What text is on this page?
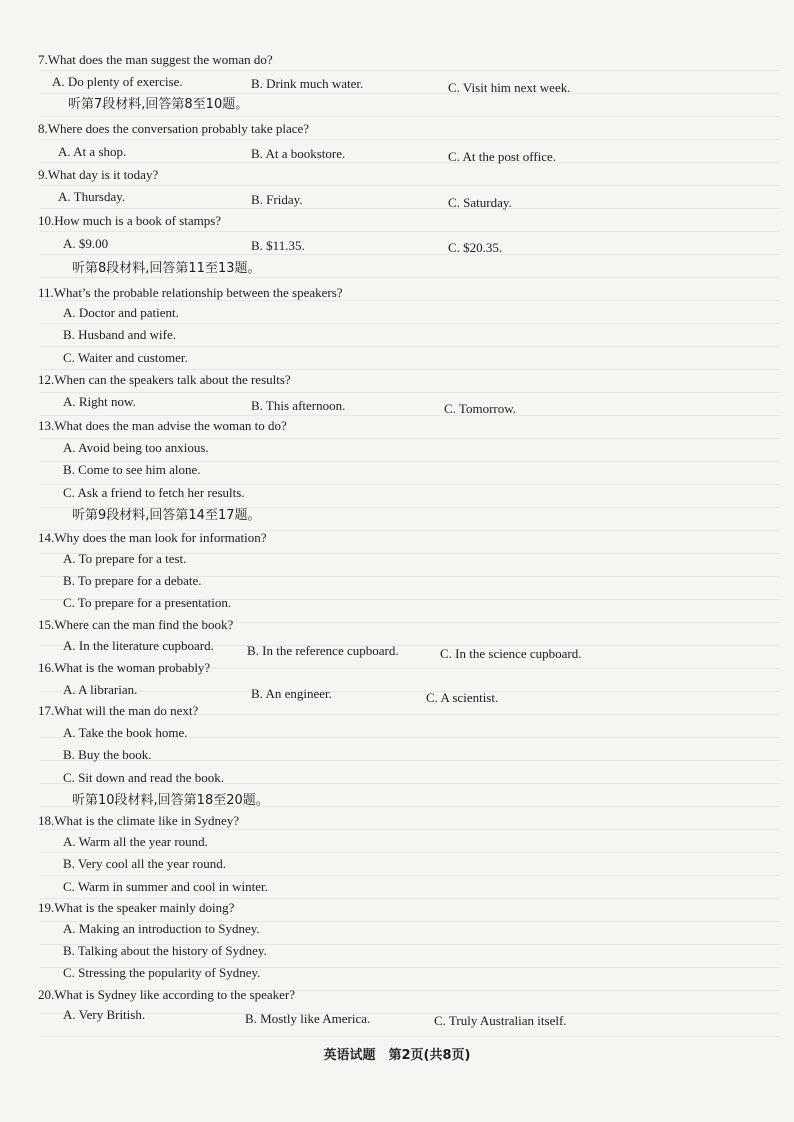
7.What does the man suggest the woman do?
A. Do plenty of exercise.	B. Drink much water.	C. Visit him next week.
听第7段材料,回答第8至10题。
8.Where does the conversation probably take place?
A. At a shop.	B. At a bookstore.	C. At the post office.
9.What day is it today?
A. Thursday.	B. Friday.	C. Saturday.
10.How much is a book of stamps?
A. $9.00	B. $11.35.	C. $20.35.
听第8段材料,回答第11至13题。
11.What’s the probable relationship between the speakers?
A. Doctor and patient.
B. Husband and wife.
C. Waiter and customer.
12.When can the speakers talk about the results?
A. Right now.	B. This afternoon.	C. Tomorrow.
13.What does the man advise the woman to do?
A. Avoid being too anxious.
B. Come to see him alone.
C. Ask a friend to fetch her results.
听第9段材料,回答第14至17题。
14.Why does the man look for information?
A. To prepare for a test.
B. To prepare for a debate.
C. To prepare for a presentation.
15.Where can the man find the book?
A. In the literature cupboard.	B. In the reference cupboard.	C. In the science cupboard.
16.What is the woman probably?
A. A librarian.	B. An engineer.	C. A scientist.
17.What will the man do next?
A. Take the book home.
B. Buy the book.
C. Sit down and read the book.
听第10段材料,回答第18至20题。
18.What is the climate like in Sydney?
A. Warm all the year round.
B. Very cool all the year round.
C. Warm in summer and cool in winter.
19.What is the speaker mainly doing?
A. Making an introduction to Sydney.
B. Talking about the history of Sydney.
C. Stressing the popularity of Sydney.
20.What is Sydney like according to the speaker?
A. Very British.	B. Mostly like America.	C. Truly Australian itself.
英语试题　第2页(共8页)
